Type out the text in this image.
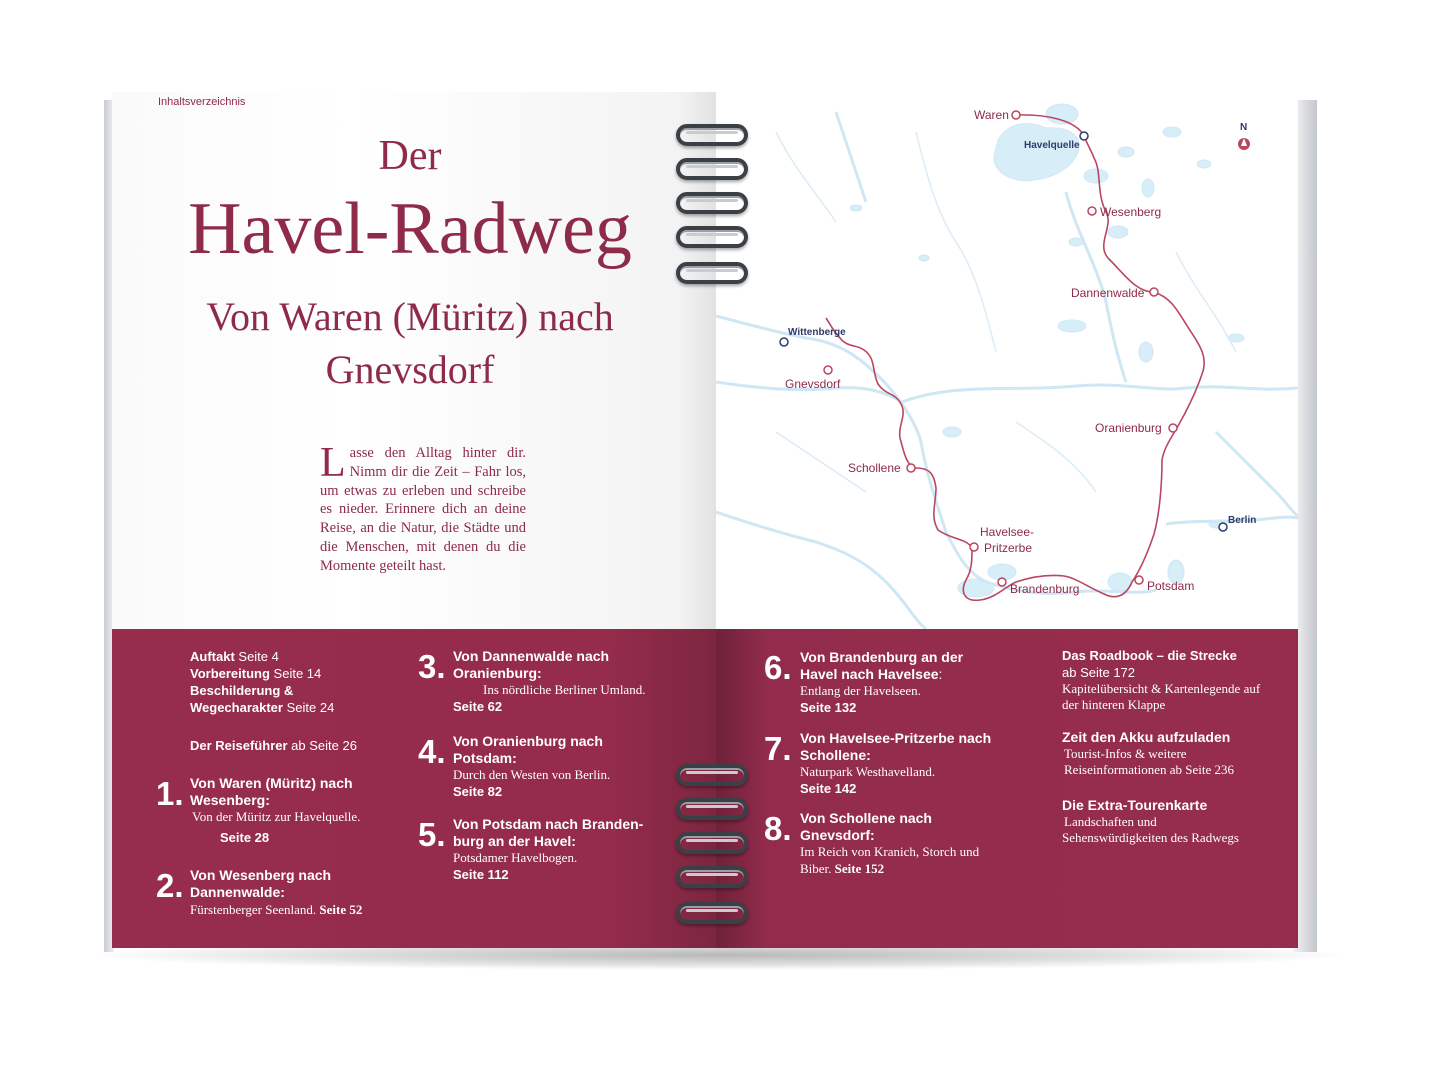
Inhaltsverzeichnis
Der
Havel-Radweg
Von Waren (Müritz) nach
Gnevsdorf
Lasse den Alltag hinter dir. Nimm dir die Zeit – Fahr los, um etwas zu erleben und schreibe es nieder. Erinnere dich an deine Reise, an die Natur, die Städte und die Menschen, mit denen du die Momente geteilt hast.
Auftakt Seite 4
Vorbereitung Seite 14
Beschilderung &
Wegecharakter Seite 24
Der Reiseführer ab Seite 26
1. Von Waren (Müritz) nach Wesenberg:
Von der Müritz zur Havelquelle.
Seite 28
2. Von Wesenberg nach Dannenwalde:
Fürstenberger Seenland. Seite 52
3. Von Dannenwalde nach Oranienburg:
Ins nördliche Berliner Umland.
Seite 62
4. Von Oranienburg nach Potsdam:
Durch den Westen von Berlin.
Seite 82
5. Von Potsdam nach Branden-
burg an der Havel:
Potsdamer Havelbogen.
Seite 112
Waren
Havelquelle
Wesenberg
Dannenwalde
Oranienburg
Potsdam
Brandenburg
Havelsee-
Pritzerbe
Schollene
Gnevsdorf
Wittenberge
Berlin
N
6. Von Brandenburg an der
Havel nach Havelsee:
Entlang der Havelseen.
Seite 132
7. Von Havelsee-Pritzerbe nach
Schollene:
Naturpark Westhavelland.
Seite 142
8. Von Schollene nach
Gnevsdorf:
Im Reich von Kranich, Storch und
Biber. Seite 152
Das Roadbook – die Strecke
ab Seite 172
Kapitelübersicht & Kartenlegende auf
der hinteren Klappe
Zeit den Akku aufzuladen
Tourist-Infos & weitere
Reiseinformationen ab Seite 236
Die Extra-Tourenkarte
Landschaften und
Sehenswürdigkeiten des Radwegs
